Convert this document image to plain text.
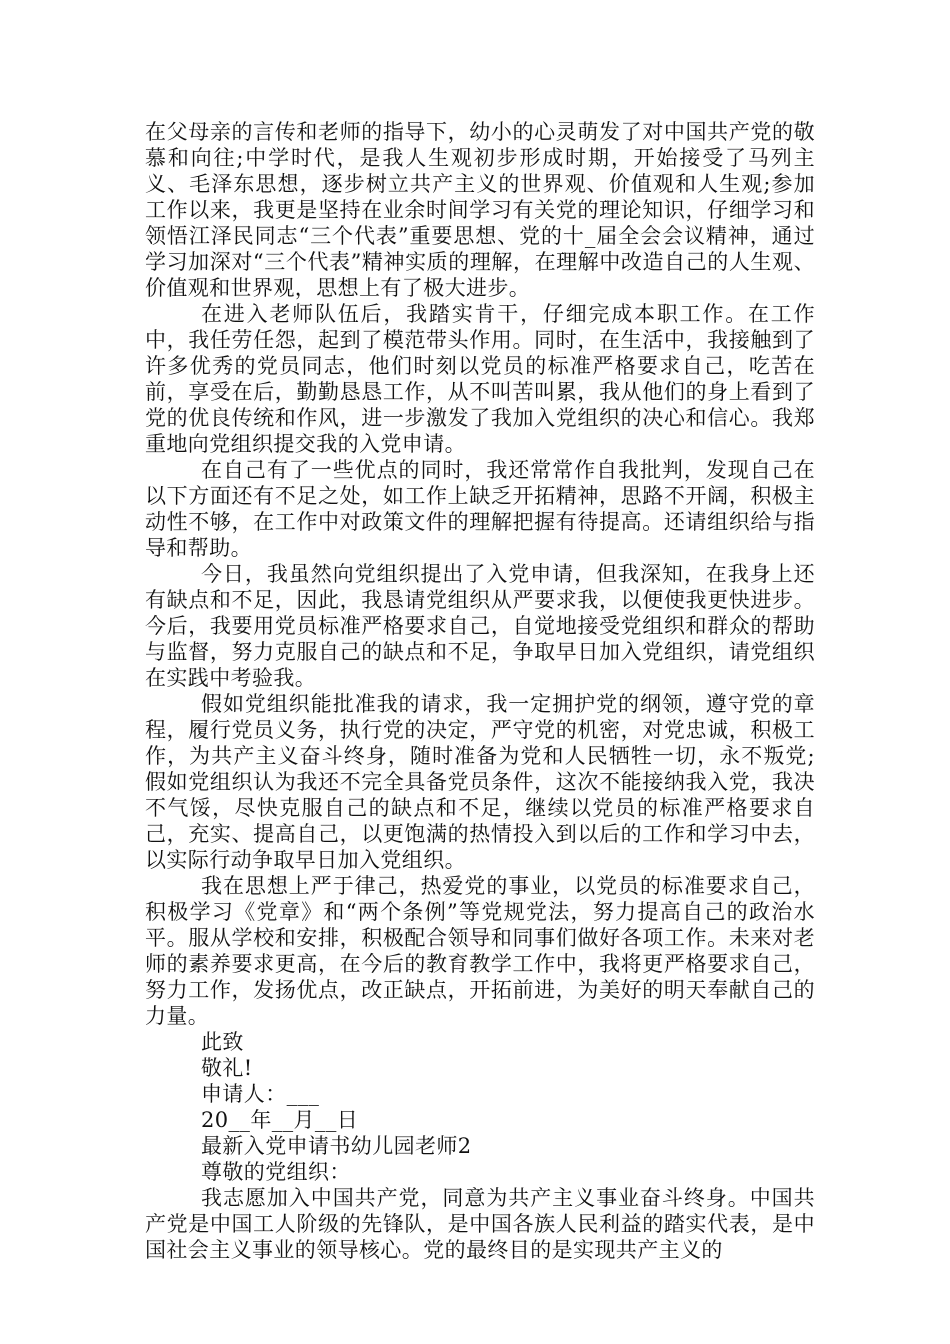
在父母亲的言传和老师的指导下，幼小的心灵萌发了对中国共产党的敬慕和向往;中学时代，是我人生观初步形成时期，开始接受了马列主义、毛泽东思想，逐步树立共产主义的世界观、价值观和人生观;参加工作以来，我更是坚持在业余时间学习有关党的理论知识，仔细学习和领悟江泽民同志“三个代表”重要思想、党的十_届全会会议精神，通过学习加深对“三个代表”精神实质的理解，在理解中改造自己的人生观、价值观和世界观，思想上有了极大进步。

在进入老师队伍后，我踏实肯干，仔细完成本职工作。在工作中，我任劳任怨，起到了模范带头作用。同时，在生活中，我接触到了许多优秀的党员同志，他们时刻以党员的标准严格要求自己，吃苦在前，享受在后，勤勤恳恳工作，从不叫苦叫累，我从他们的身上看到了党的优良传统和作风，进一步激发了我加入党组织的决心和信心。我郑重地向党组织提交我的入党申请。

在自己有了一些优点的同时，我还常常作自我批判，发现自己在以下方面还有不足之处，如工作上缺乏开拓精神，思路不开阔，积极主动性不够，在工作中对政策文件的理解把握有待提高。还请组织给与指导和帮助。

今日，我虽然向党组织提出了入党申请，但我深知，在我身上还有缺点和不足，因此，我恳请党组织从严要求我，以便使我更快进步。今后，我要用党员标准严格要求自己，自觉地接受党组织和群众的帮助与监督，努力克服自己的缺点和不足，争取早日加入党组织，请党组织在实践中考验我。

假如党组织能批准我的请求，我一定拥护党的纲领，遵守党的章程，履行党员义务，执行党的决定，严守党的机密，对党忠诚，积极工作，为共产主义奋斗终身，随时准备为党和人民牺牲一切，永不叛党;假如党组织认为我还不完全具备党员条件，这次不能接纳我入党，我决不气馁，尽快克服自己的缺点和不足，继续以党员的标准严格要求自己，充实、提高自己，以更饱满的热情投入到以后的工作和学习中去，以实际行动争取早日加入党组织。

我在思想上严于律己，热爱党的事业，以党员的标准要求自己，积极学习《党章》和“两个条例”等党规党法，努力提高自己的政治水平。服从学校和安排，积极配合领导和同事们做好各项工作。未来对老师的素养要求更高，在今后的教育教学工作中，我将更严格要求自己，努力工作，发扬优点，改正缺点，开拓前进，为美好的明天奉献自己的力量。

此致

敬礼!

申请人：___

20__年__月__日

最新入党申请书幼儿园老师2

尊敬的党组织：

我志愿加入中国共产党，同意为共产主义事业奋斗终身。中国共产党是中国工人阶级的先锋队，是中国各族人民利益的踏实代表，是中国社会主义事业的领导核心。党的最终目的是实现共产主义的
